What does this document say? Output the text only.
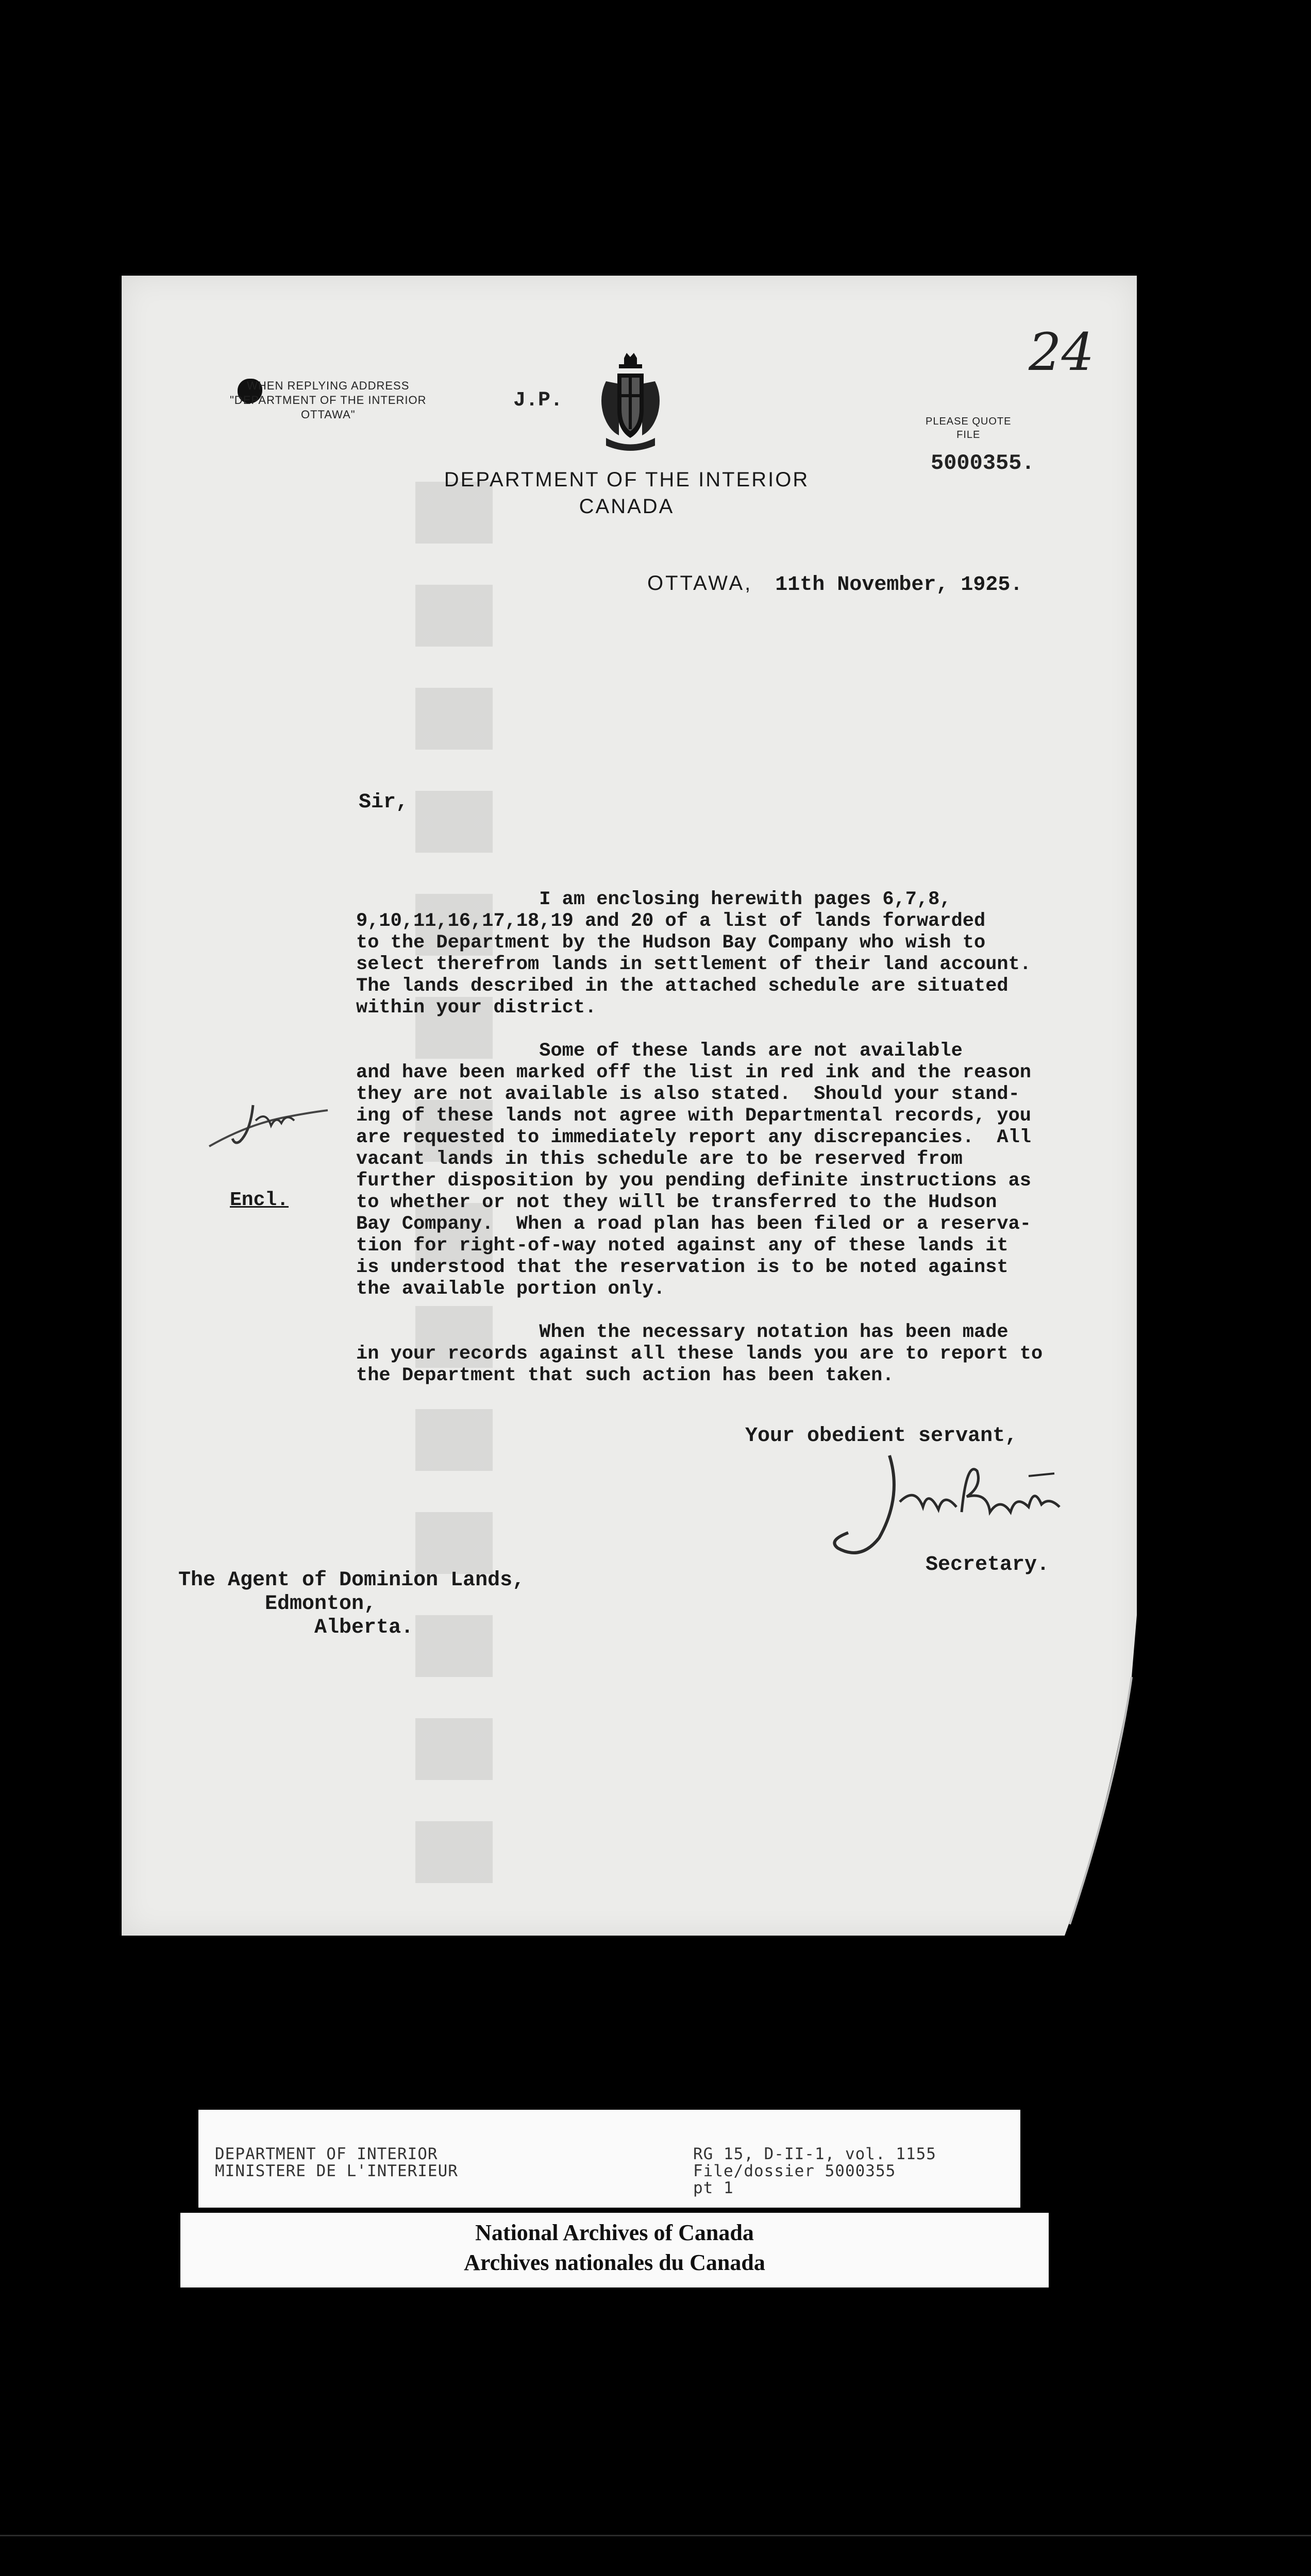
24
WHEN REPLYING ADDRESS
"DEPARTMENT OF THE INTERIOR
OTTAWA"
J.P.
PLEASE QUOTE
FILE
5000355.
DEPARTMENT OF THE INTERIOR
CANADA
OTTAWA, 11th November, 1925.
Sir,

I am enclosing herewith pages 6,7,8,
9,10,11,16,17,18,19 and 20 of a list of lands forwarded
to the Department by the Hudson Bay Company who wish to
select therefrom lands in settlement of their land account.
The lands described in the attached schedule are situated
within your district.

Some of these lands are not available
and have been marked off the list in red ink and the reason
they are not available is also stated.  Should your stand-
ing of these lands not agree with Departmental records, you
are requested to immediately report any discrepancies.  All
vacant lands in this schedule are to be reserved from
further disposition by you pending definite instructions as
to whether or not they will be transferred to the Hudson
Bay Company.  When a road plan has been filed or a reserva-
tion for right-of-way noted against any of these lands it
is understood that the reservation is to be noted against
the available portion only.

When the necessary notation has been made
in your records against all these lands you are to report to
the Department that such action has been taken.

Encl.
Your obedient servant,
Secretary.
The Agent of Dominion Lands,
Edmonton,
Alberta.
DEPARTMENT OF INTERIOR
MINISTERE DE L'INTERIEUR
RG 15, D-II-1, vol. 1155
File/dossier 5000355
pt 1
National Archives of Canada
Archives nationales du Canada
